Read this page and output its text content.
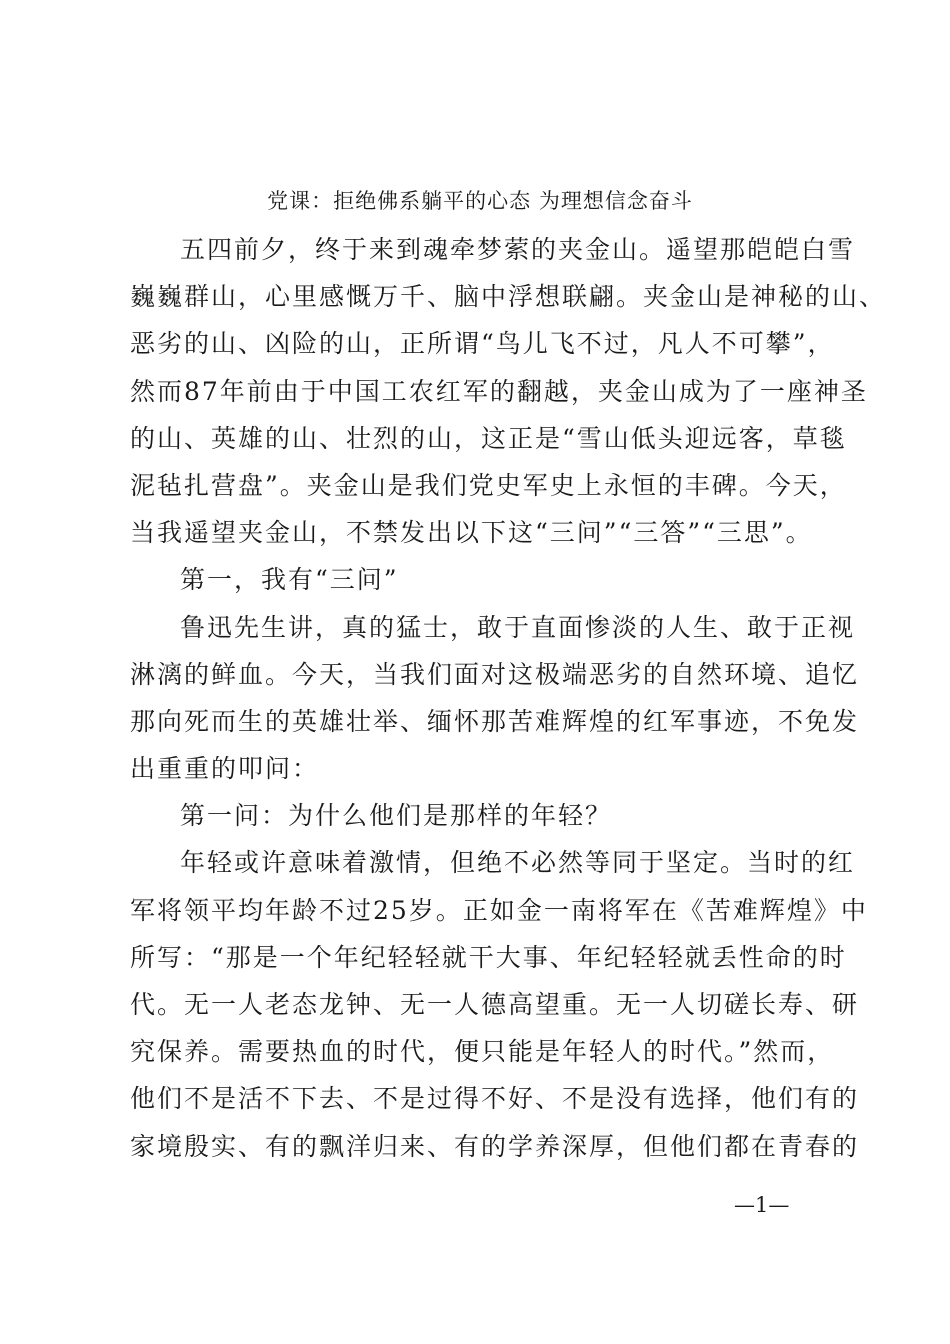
党课：拒绝佛系躺平的心态 为理想信念奋斗
五四前夕，终于来到魂牵梦萦的夹金山。遥望那皑皑白雪
巍巍群山，心里感慨万千、脑中浮想联翩。夹金山是神秘的山、
恶劣的山、凶险的山，正所谓“鸟儿飞不过，凡人不可攀”，
然而87年前由于中国工农红军的翻越，夹金山成为了一座神圣
的山、英雄的山、壮烈的山，这正是“雪山低头迎远客，草毯
泥毡扎营盘”。夹金山是我们党史军史上永恒的丰碑。今天，
当我遥望夹金山，不禁发出以下这“三问”“三答”“三思”。
第一，我有“三问”
鲁迅先生讲，真的猛士，敢于直面惨淡的人生、敢于正视
淋漓的鲜血。今天，当我们面对这极端恶劣的自然环境、追忆
那向死而生的英雄壮举、缅怀那苦难辉煌的红军事迹，不免发
出重重的叩问：
第一问：为什么他们是那样的年轻？
年轻或许意味着激情，但绝不必然等同于坚定。当时的红
军将领平均年龄不过25岁。正如金一南将军在《苦难辉煌》中
所写：“那是一个年纪轻轻就干大事、年纪轻轻就丢性命的时
代。无一人老态龙钟、无一人德高望重。无一人切磋长寿、研
究保养。需要热血的时代，便只能是年轻人的时代。”然而，
他们不是活不下去、不是过得不好、不是没有选择，他们有的
家境殷实、有的飘洋归来、有的学养深厚，但他们都在青春的
—1—
